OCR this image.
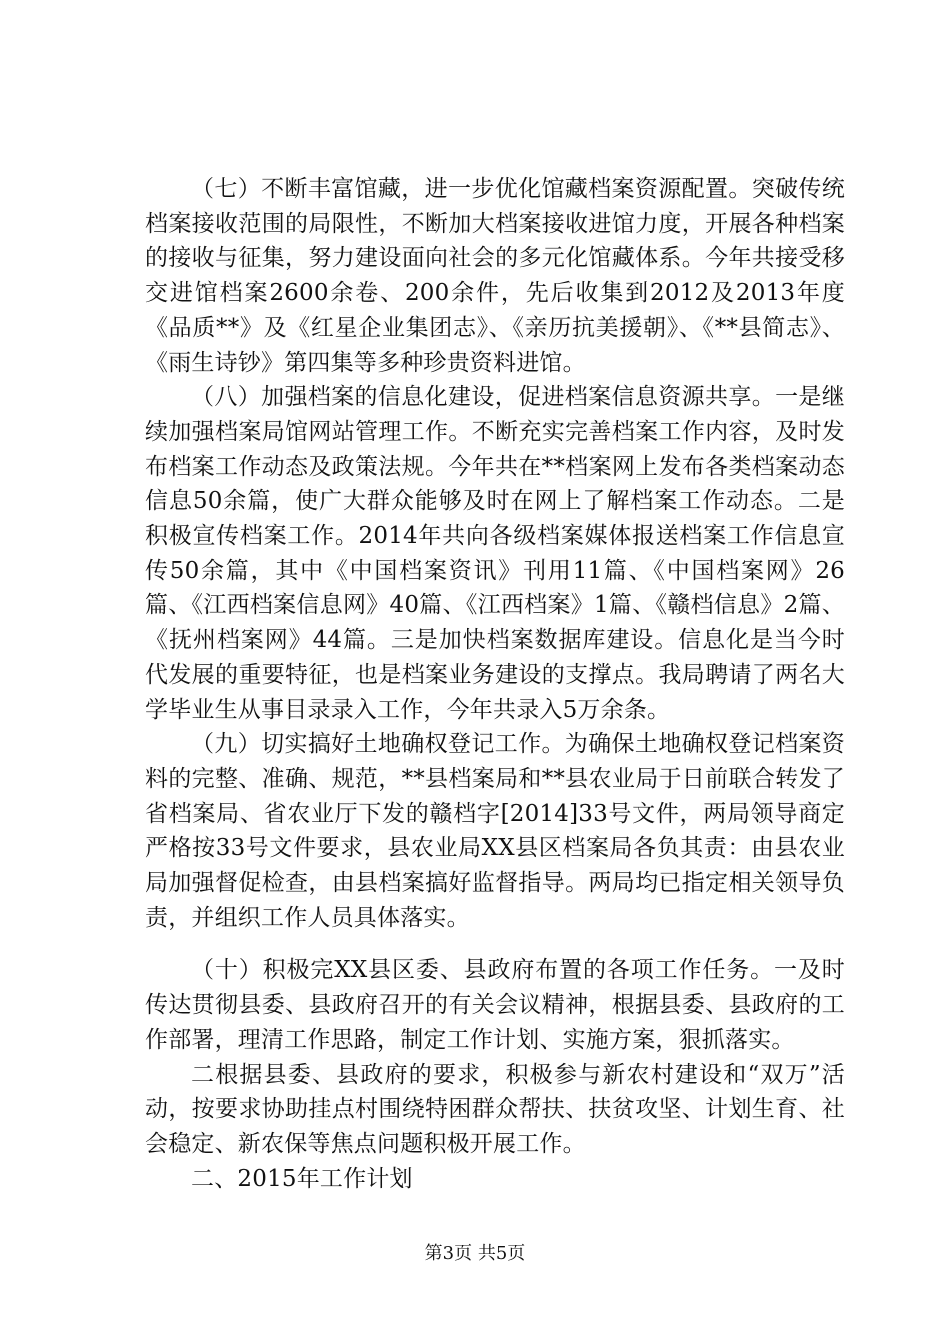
（七）不断丰富馆藏，进一步优化馆藏档案资源配置。突破传统档案接收范围的局限性，不断加大档案接收进馆力度，开展各种档案的接收与征集，努力建设面向社会的多元化馆藏体系。今年共接受移交进馆档案2600余卷、200余件，先后收集到2012及2013年度《品质**》及《红星企业集团志》、《亲历抗美援朝》、《**县简志》、《雨生诗钞》第四集等多种珍贵资料进馆。

（八）加强档案的信息化建设，促进档案信息资源共享。一是继续加强档案局馆网站管理工作。不断充实完善档案工作内容，及时发布档案工作动态及政策法规。今年共在**档案网上发布各类档案动态信息50余篇，使广大群众能够及时在网上了解档案工作动态。二是积极宣传档案工作。2014年共向各级档案媒体报送档案工作信息宣传50余篇，其中《中国档案资讯》刊用11篇、《中国档案网》26篇、《江西档案信息网》40篇、《江西档案》1篇、《赣档信息》2篇、《抚州档案网》44篇。三是加快档案数据库建设。信息化是当今时代发展的重要特征，也是档案业务建设的支撑点。我局聘请了两名大学毕业生从事目录录入工作，今年共录入5万余条。

（九）切实搞好土地确权登记工作。为确保土地确权登记档案资料的完整、准确、规范，**县档案局和**县农业局于日前联合转发了省档案局、省农业厅下发的赣档字[2014]33号文件，两局领导商定严格按33号文件要求，县农业局XX县区档案局各负其责：由县农业局加强督促检查，由县档案搞好监督指导。两局均已指定相关领导负责，并组织工作人员具体落实。

（十）积极完XX县区委、县政府布置的各项工作任务。一及时传达贯彻县委、县政府召开的有关会议精神，根据县委、县政府的工作部署，理清工作思路，制定工作计划、实施方案，狠抓落实。

二根据县委、县政府的要求，积极参与新农村建设和“双万”活动，按要求协助挂点村围绕特困群众帮扶、扶贫攻坚、计划生育、社会稳定、新农保等焦点问题积极开展工作。

二、2015年工作计划

第3页 共5页
